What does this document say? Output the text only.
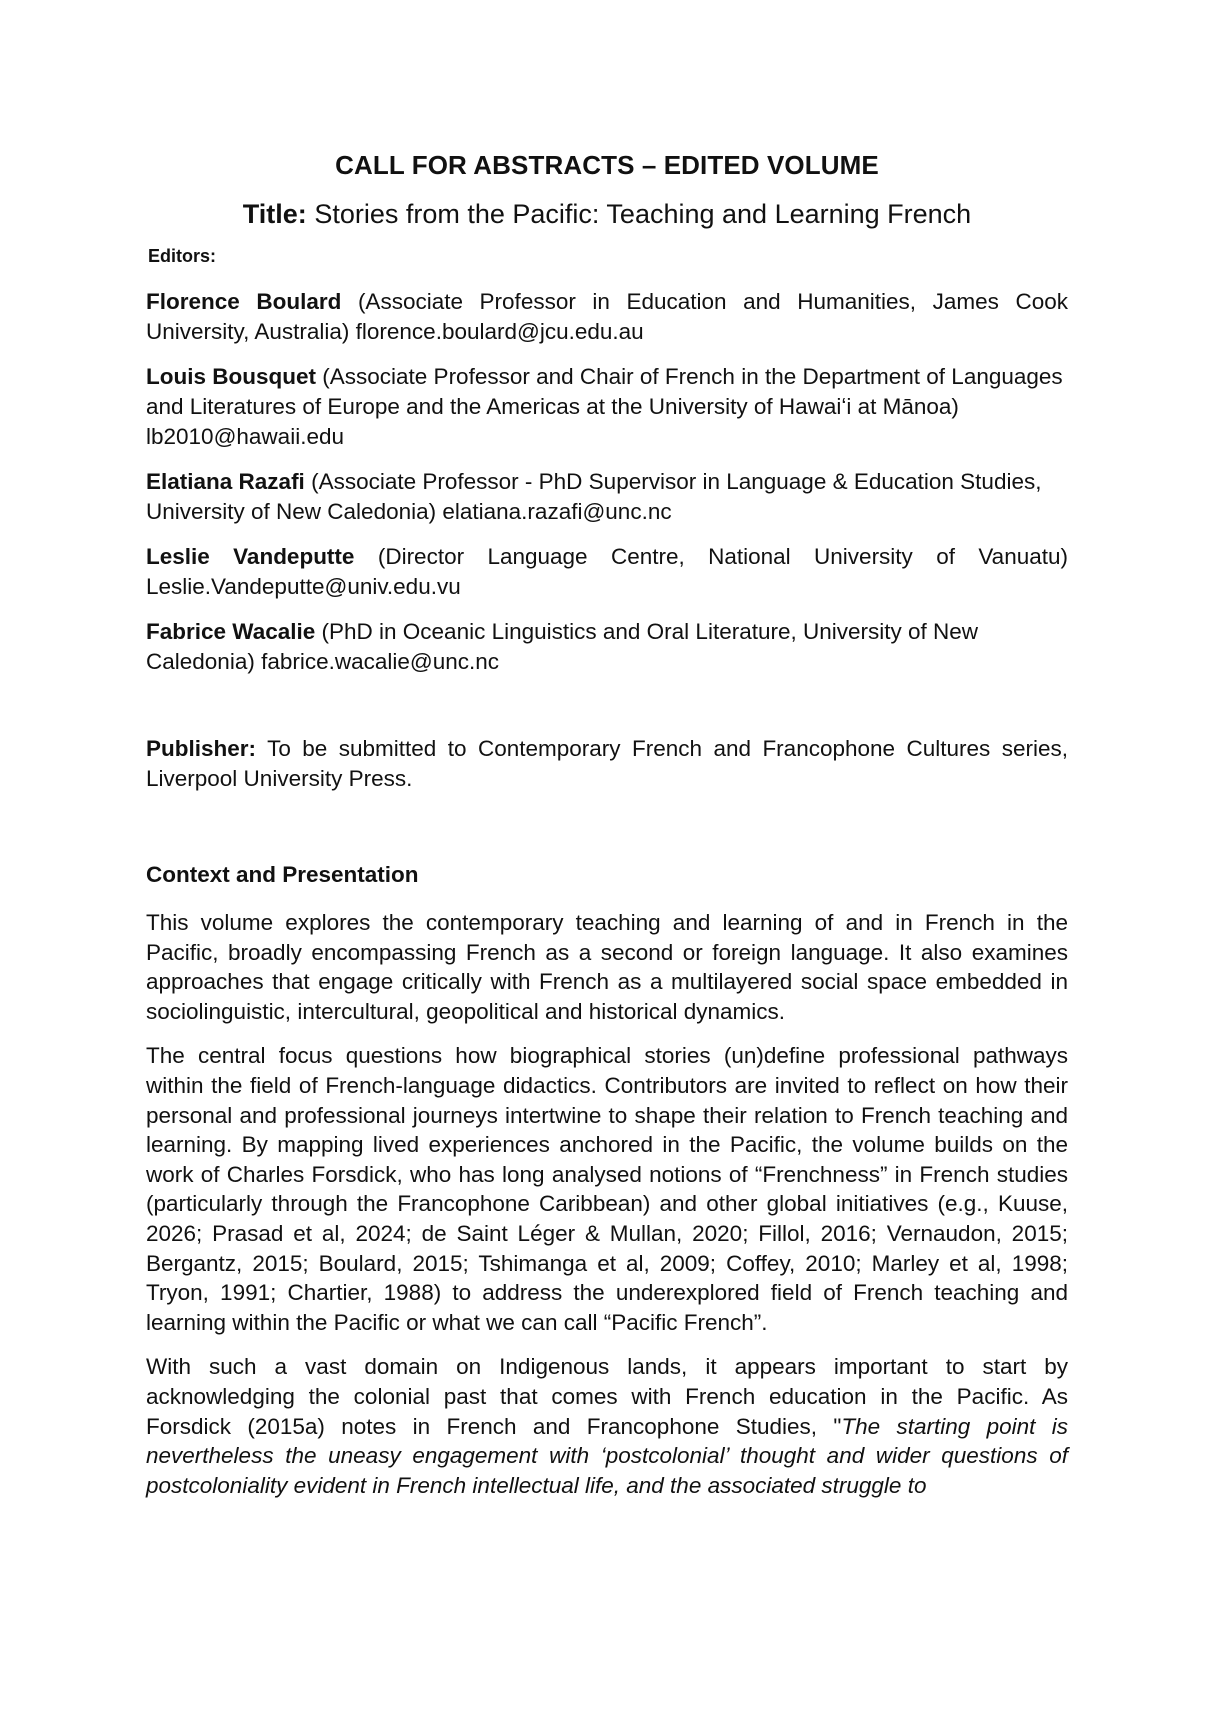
CALL FOR ABSTRACTS – EDITED VOLUME
Title: Stories from the Pacific: Teaching and Learning French
Editors:
Florence Boulard (Associate Professor in Education and Humanities, James Cook University, Australia) florence.boulard@jcu.edu.au
Louis Bousquet (Associate Professor and Chair of French in the Department of Languages and Literatures of Europe and the Americas at the University of Hawaiʻi at Mānoa) lb2010@hawaii.edu
Elatiana Razafi (Associate Professor - PhD Supervisor in Language & Education Studies, University of New Caledonia) elatiana.razafi@unc.nc
Leslie Vandeputte (Director Language Centre, National University of Vanuatu) Leslie.Vandeputte@univ.edu.vu
Fabrice Wacalie (PhD in Oceanic Linguistics and Oral Literature, University of New Caledonia) fabrice.wacalie@unc.nc
Publisher: To be submitted to Contemporary French and Francophone Cultures series, Liverpool University Press.
Context and Presentation

This volume explores the contemporary teaching and learning of and in French in the Pacific, broadly encompassing French as a second or foreign language. It also examines approaches that engage critically with French as a multilayered social space embedded in sociolinguistic, intercultural, geopolitical and historical dynamics.

The central focus questions how biographical stories (un)define professional pathways within the field of French-language didactics. Contributors are invited to reflect on how their personal and professional journeys intertwine to shape their relation to French teaching and learning. By mapping lived experiences anchored in the Pacific, the volume builds on the work of Charles Forsdick, who has long analysed notions of “Frenchness” in French studies (particularly through the Francophone Caribbean) and other global initiatives (e.g., Kuuse, 2026; Prasad et al, 2024; de Saint Léger & Mullan, 2020; Fillol, 2016; Vernaudon, 2015; Bergantz, 2015; Boulard, 2015; Tshimanga et al, 2009; Coffey, 2010; Marley et al, 1998; Tryon, 1991; Chartier, 1988) to address the underexplored field of French teaching and learning within the Pacific or what we can call “Pacific French”.

With such a vast domain on Indigenous lands, it appears important to start by acknowledging the colonial past that comes with French education in the Pacific. As Forsdick (2015a) notes in French and Francophone Studies, "The starting point is nevertheless the uneasy engagement with ‘postcolonial’ thought and wider questions of postcoloniality evident in French intellectual life, and the associated struggle to
